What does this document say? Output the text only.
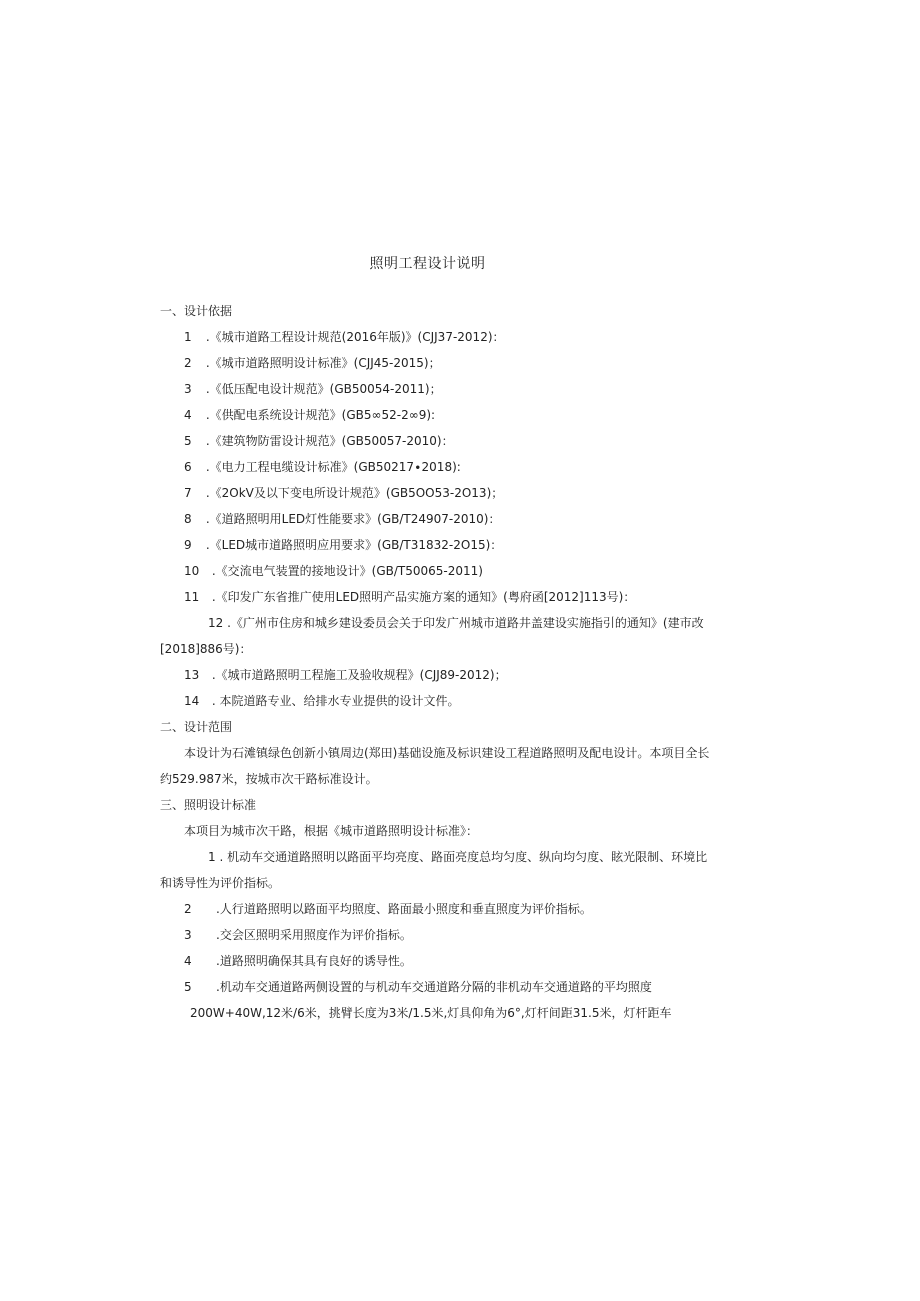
照明工程设计说明
一、设计依据
1 .《城市道路工程设计规范(2016年版)》(CJJ37-2012)：
2 .《城市道路照明设计标准》(CJJ45-2015)；
3 .《低压配电设计规范》(GB50054-2011)；
4 .《供配电系统设计规范》(GB5∞52-2∞9):
5 .《建筑物防雷设计规范》(GB50057-2010)：
6 .《电力工程电缆设计标准》(GB50217∙2018):
7 .《2OkV及以下变电所设计规范》(GB5OO53-2O13)；
8 .《道路照明用LED灯性能要求》(GB/T24907-2010)：
9 .《LED城市道路照明应用要求》(GB/T31832-2O15)：
10 .《交流电气装置的接地设计》(GB/T50065-2011)
11 .《印发广东省推广使用LED照明产品实施方案的通知》(粤府函[2012]113号)：
12 .《广州市住房和城乡建设委员会关于印发广州城市道路井盖建设实施指引的通知》(建市改[2018]886号)：
13 .《城市道路照明工程施工及验收规程》(CJJ89-2012)；
14 . 本院道路专业、给排水专业提供的设计文件。
二、设计范围
本设计为石滩镇绿色创新小镇周边(郑田)基础设施及标识建设工程道路照明及配电设计。本项目全长约529.987米，按城市次干路标准设计。
三、照明设计标准
本项目为城市次干路，根据《城市道路照明设计标准》：
1 . 机动车交通道路照明以路面平均亮度、路面亮度总均匀度、纵向均匀度、眩光限制、环境比和诱导性为评价指标。
2 .人行道路照明以路面平均照度、路面最小照度和垂直照度为评价指标。
3 .交会区照明采用照度作为评价指标。
4 .道路照明确保其具有良好的诱导性。
5 .机动车交通道路两侧设置的与机动车交通道路分隔的非机动车交通道路的平均照度
200W+40W,12米/6米，挑臂长度为3米/1.5米,灯具仰角为6°,灯杆间距31.5米，灯杆距车
